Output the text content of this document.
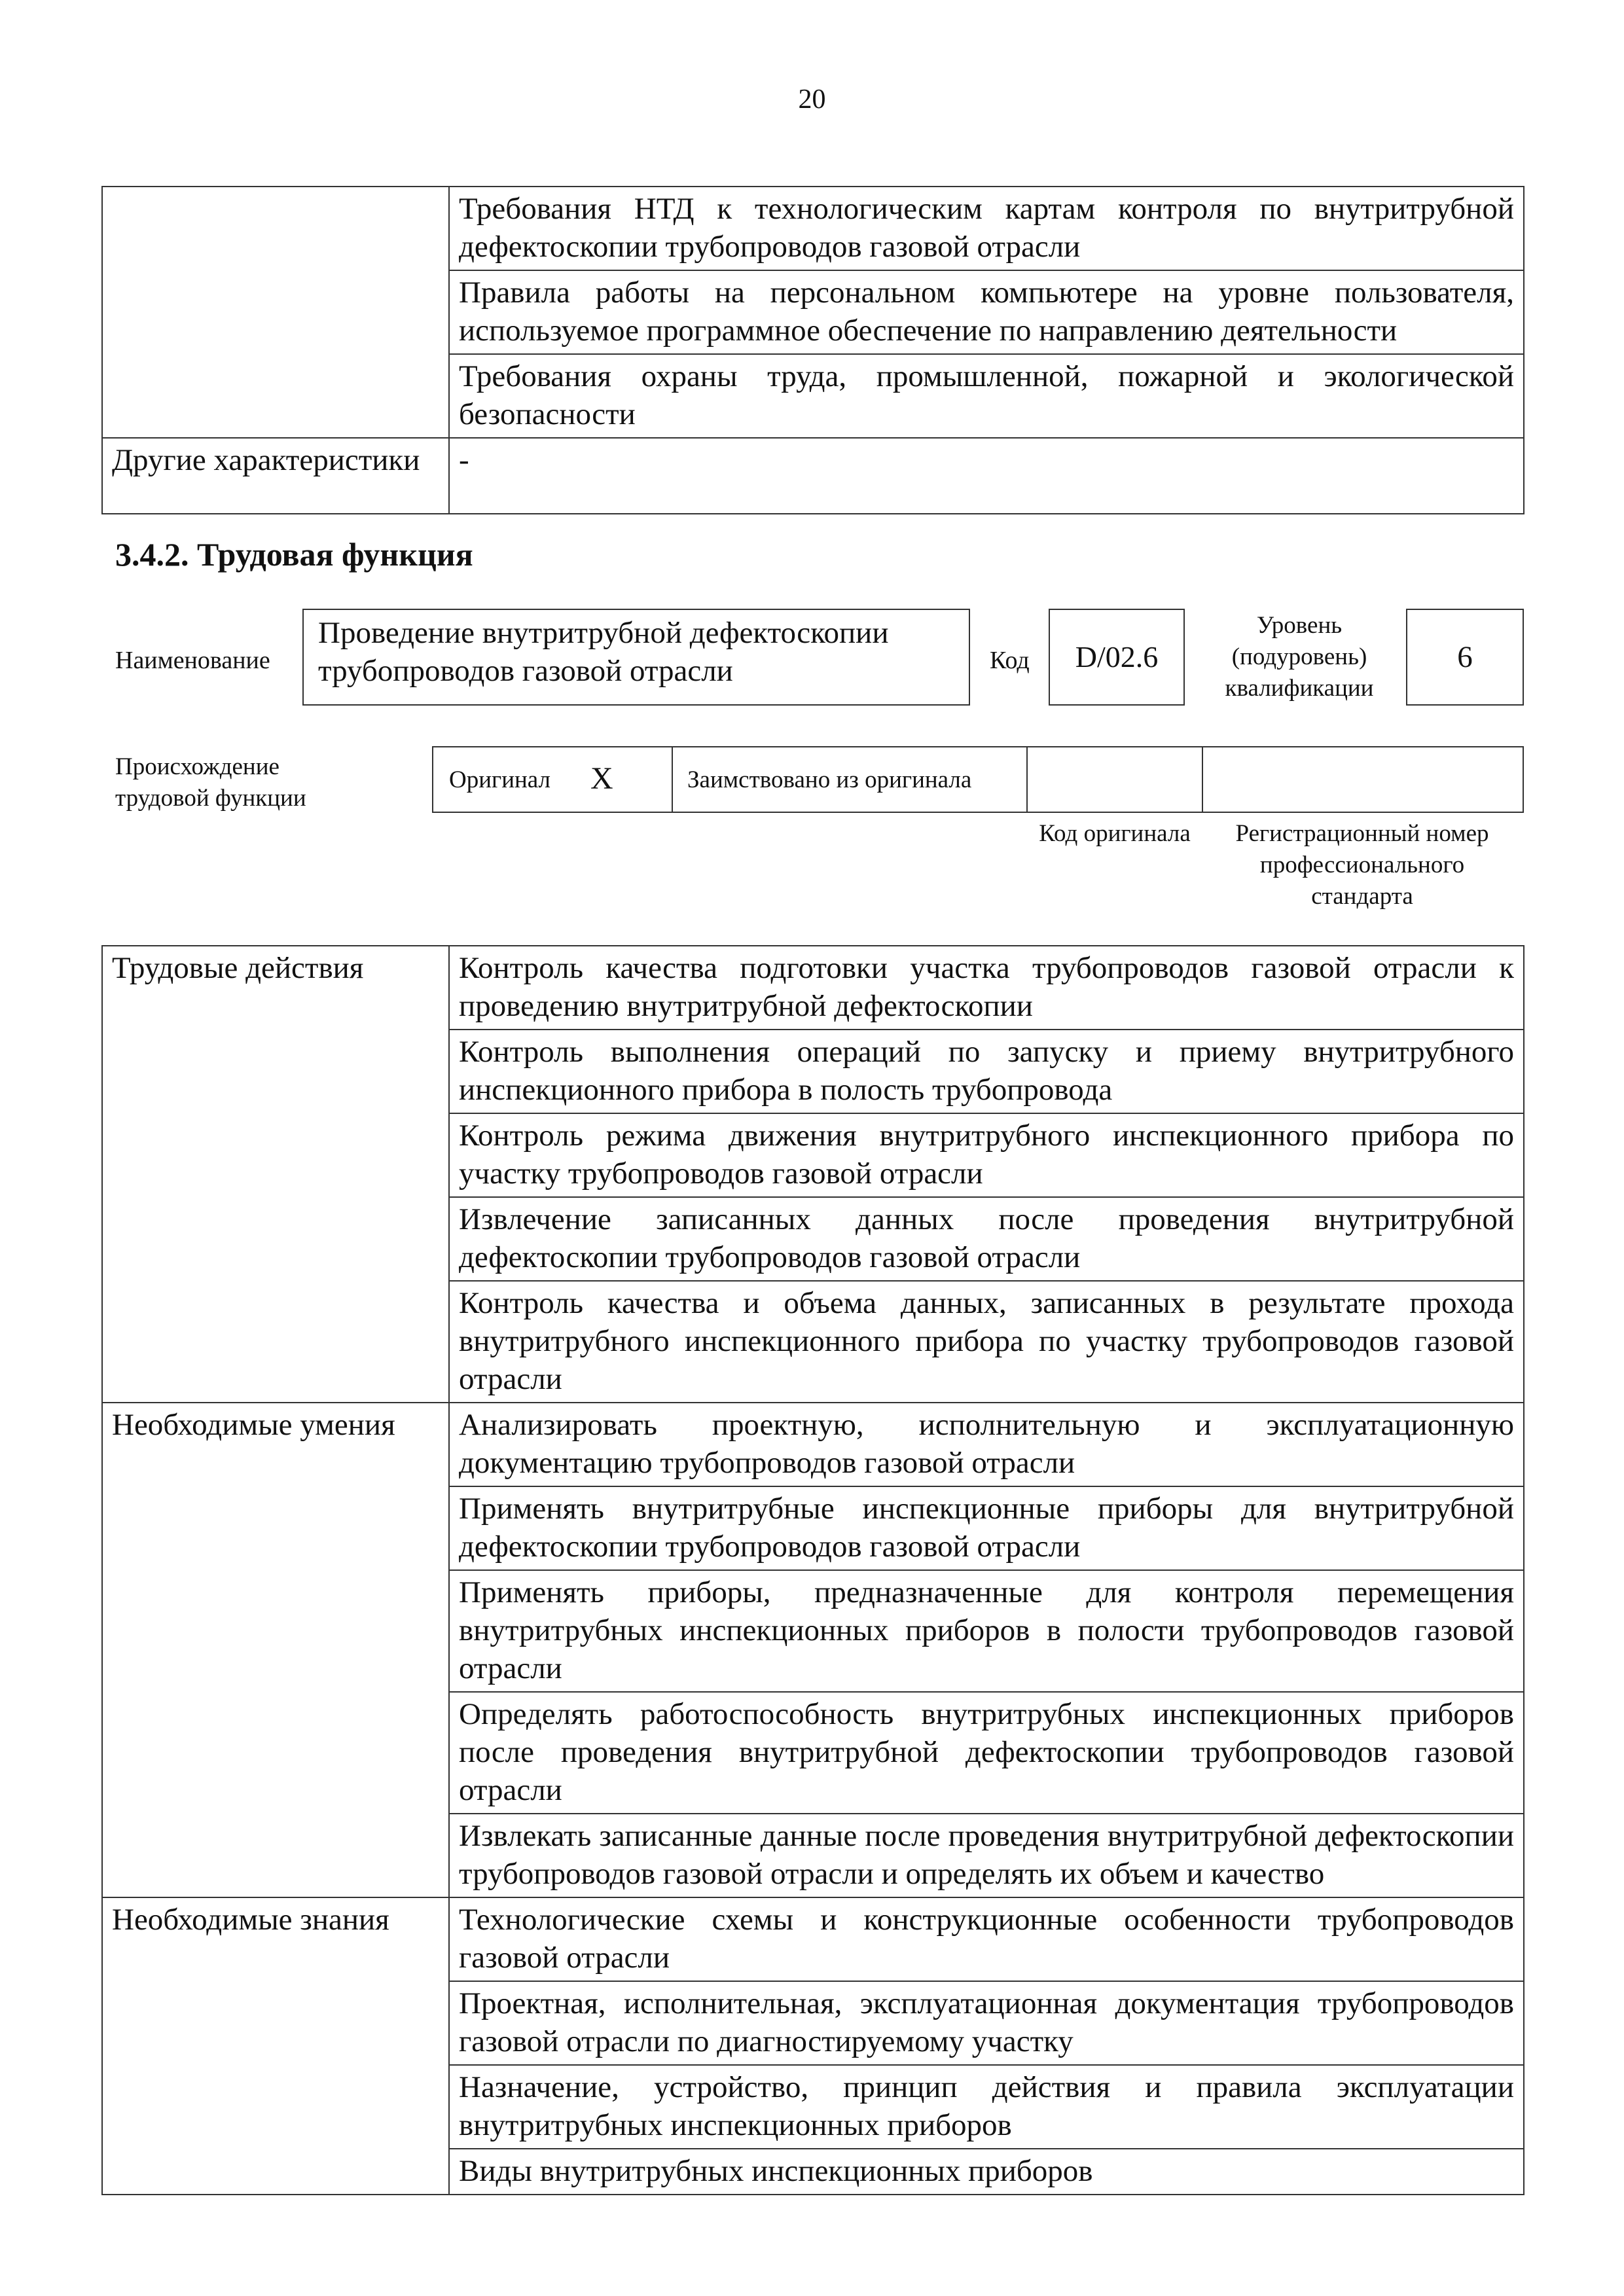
20
	Требования НТД к технологическим картам контроля по внутритрубной дефектоскопии трубопроводов газовой отрасли
	Правила работы на персональном компьютере на уровне пользователя, используемое программное обеспечение по направлению деятельности
	Требования охраны труда, промышленной, пожарной и экологической безопасности
Другие характеристики	-
3.4.2. Трудовая функция
Наименование
Проведение внутритрубной дефектоскопии трубопроводов газовой отрасли	Код	D/02.6
Уровень (подуровень) квалификации
6
Происхождение трудовой функции
Оригинал X	Заимствовано из оригинала
Код оригинала	Регистрационный номер профессионального стандарта
Трудовые действия	Контроль качества подготовки участка трубопроводов газовой отрасли к проведению внутритрубной дефектоскопии
	Контроль выполнения операций по запуску и приему внутритрубного инспекционного прибора в полость трубопровода
	Контроль режима движения внутритрубного инспекционного прибора по участку трубопроводов газовой отрасли
	Извлечение записанных данных после проведения внутритрубной дефектоскопии трубопроводов газовой отрасли
	Контроль качества и объема данных, записанных в результате прохода внутритрубного инспекционного прибора по участку трубопроводов газовой отрасли
Необходимые умения	Анализировать проектную, исполнительную и эксплуатационную документацию трубопроводов газовой отрасли
	Применять внутритрубные инспекционные приборы для внутритрубной дефектоскопии трубопроводов газовой отрасли
	Применять приборы, предназначенные для контроля перемещения внутритрубных инспекционных приборов в полости трубопроводов газовой отрасли
	Определять работоспособность внутритрубных инспекционных приборов после проведения внутритрубной дефектоскопии трубопроводов газовой отрасли
	Извлекать записанные данные после проведения внутритрубной дефектоскопии трубопроводов газовой отрасли и определять их объем и качество
Необходимые знания	Технологические схемы и конструкционные особенности трубопроводов газовой отрасли
	Проектная, исполнительная, эксплуатационная документация трубопроводов газовой отрасли по диагностируемому участку
	Назначение, устройство, принцип действия и правила эксплуатации внутритрубных инспекционных приборов
	Виды внутритрубных инспекционных приборов
